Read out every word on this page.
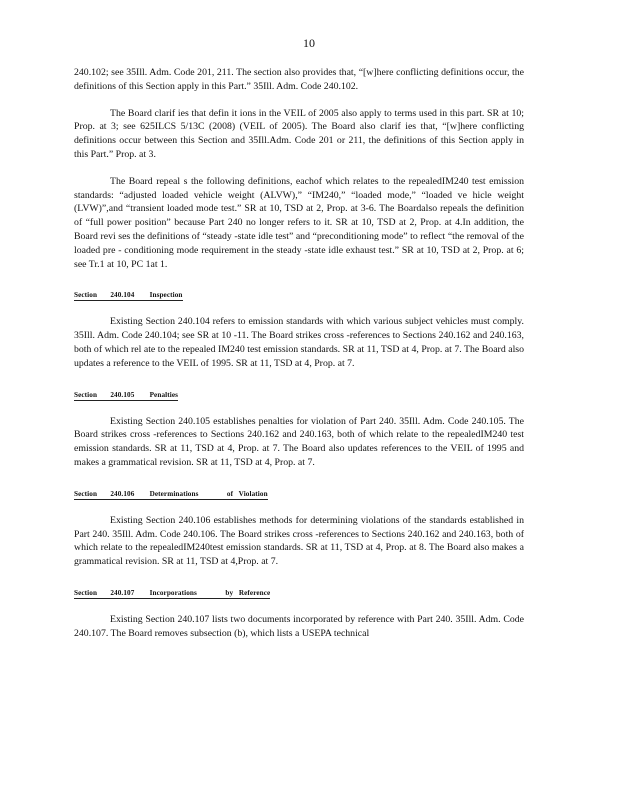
10

240.102; see 35Ill. Adm. Code 201, 211. The section also provides that, “[w]here conflicting definitions occur, the definitions of this Section apply in this Part.” 35Ill. Adm. Code 240.102.

The Board clarif ies that defin it ions in the VEIL of 2005 also apply to terms used in this part. SR at 10; Prop. at 3; see 625ILCS 5/13C (2008) (VEIL of 2005). The Board also clarif ies that, “[w]here conflicting definitions occur between this Section and 35Ill.Adm. Code 201 or 211, the definitions of this Section apply in this Part.” Prop. at 3.

The Board repeal s the following definitions, eachof which relates to the repealedIM240 test emission standards: “adjusted loaded vehicle weight (ALVW),” “IM240,” “loaded mode,” “loaded ve hicle weight (LVW)”,and “transient loaded mode test.” SR at 10, TSD at 2, Prop. at 3-6. The Boardalso repeals the definition of “full power position” because Part 240 no longer refers to it. SR at 10, TSD at 2, Prop. at 4.In addition, the Board revi ses the definitions of “steady -state idle test” and “preconditioning mode” to reflect “the removal of the loaded pre - conditioning mode requirement in the steady -state idle exhaust test.” SR at 10, TSD at 2, Prop. at 6; see Tr.1 at 10, PC 1at 1.

Section       240.104        Inspection

Existing Section 240.104 refers to emission standards with which various subject vehicles must comply. 35Ill. Adm. Code 240.104; see SR at 10 -11. The Board strikes cross -references to Sections 240.162 and 240.163, both of which rel ate to the repealed IM240 test emission standards. SR at 11, TSD at 4, Prop. at 7. The Board also updates a reference to the VEIL of 1995. SR at 11, TSD at 4, Prop. at 7.

Section       240.105        Penalties

Existing Section 240.105 establishes penalties for violation of Part 240. 35Ill. Adm. Code 240.105. The Board strikes cross -references to Sections 240.162 and 240.163, both of which relate to the repealedIM240 test emission standards. SR at 11, TSD at 4, Prop. at 7. The Board also updates references to the VEIL of 1995 and makes a grammatical revision. SR at 11, TSD at 4, Prop. at 7.

Section       240.106        Determinations               of   Violation

Existing Section 240.106 establishes methods for determining violations of the standards established in Part 240. 35Ill. Adm. Code 240.106. The Board strikes cross -references to Sections 240.162 and 240.163, both of which relate to the repealedIM240test emission standards. SR at 11, TSD at 4, Prop. at 8. The Board also makes a grammatical revision. SR at 11, TSD at 4,Prop. at 7.

Section       240.107        Incorporations               by   Reference

Existing Section 240.107 lists two documents incorporated by reference with Part 240. 35Ill. Adm. Code 240.107. The Board removes subsection (b), which lists a USEPA technical
